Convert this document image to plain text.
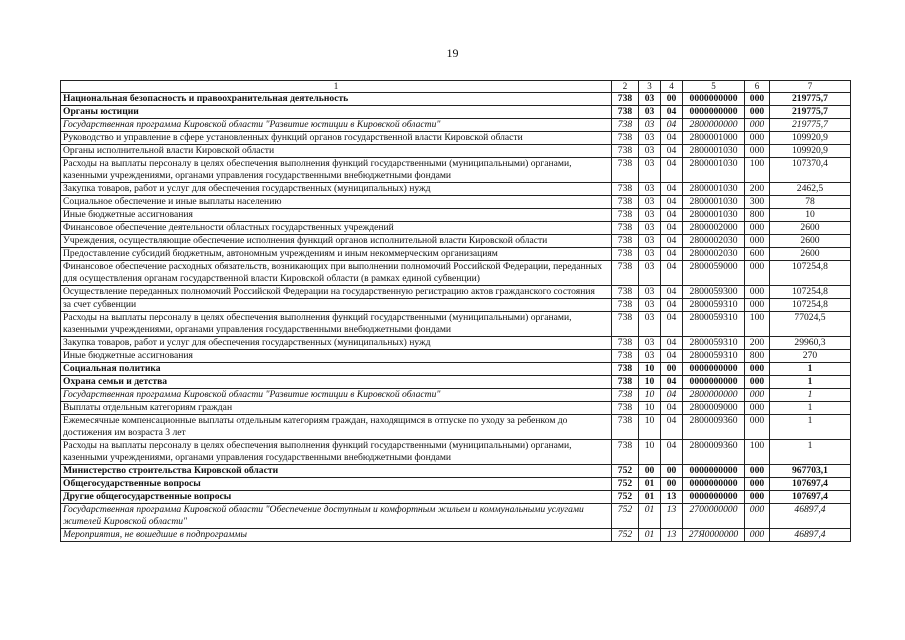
19
1	2	3	4	5	6	7
Национальная безопасность и правоохранительная деятельность	738	03	00	0000000000	000	219775,7
Органы юстиции	738	03	04	0000000000	000	219775,7
Государственная программа Кировской области "Развитие юстиции в Кировской области"	738	03	04	2800000000	000	219775,7
Руководство и управление в сфере установленных функций органов государственной власти Кировской области	738	03	04	2800001000	000	109920,9
Органы исполнительной власти Кировской области	738	03	04	2800001030	000	109920,9
Расходы на выплаты персоналу в целях обеспечения выполнения функций государственными (муниципальными) органами, казенными учреждениями, органами управления государственными внебюджетными фондами	738	03	04	2800001030	100	107370,4
Закупка товаров, работ и услуг для обеспечения государственных (муниципальных) нужд	738	03	04	2800001030	200	2462,5
Социальное обеспечение и иные выплаты населению	738	03	04	2800001030	300	78
Иные бюджетные ассигнования	738	03	04	2800001030	800	10
Финансовое обеспечение деятельности областных государственных учреждений	738	03	04	2800002000	000	2600
Учреждения, осуществляющие обеспечение исполнения функций органов исполнительной власти Кировской области	738	03	04	2800002030	000	2600
Предоставление субсидий бюджетным, автономным учреждениям и иным некоммерческим организациям	738	03	04	2800002030	600	2600
Финансовое обеспечение расходных обязательств, возникающих при выполнении полномочий Российской Федерации, переданных для осуществления органам государственной власти Кировской области (в рамках единой субвенции)	738	03	04	2800059000	000	107254,8
Осуществление переданных полномочий Российской Федерации на государственную регистрацию актов гражданского состояния	738	03	04	2800059300	000	107254,8
за счет субвенции	738	03	04	2800059310	000	107254,8
Расходы на выплаты персоналу в целях обеспечения выполнения функций государственными (муниципальными) органами, казенными учреждениями, органами управления государственными внебюджетными фондами	738	03	04	2800059310	100	77024,5
Закупка товаров, работ и услуг для обеспечения государственных (муниципальных) нужд	738	03	04	2800059310	200	29960,3
Иные бюджетные ассигнования	738	03	04	2800059310	800	270
Социальная политика	738	10	00	0000000000	000	1
Охрана семьи и детства	738	10	04	0000000000	000	1
Государственная программа Кировской области "Развитие юстиции в Кировской области"	738	10	04	2800000000	000	1
Выплаты отдельным категориям граждан	738	10	04	2800009000	000	1
Ежемесячные компенсационные выплаты отдельным категориям граждан, находящимся в отпуске по уходу за ребенком до достижения им возраста 3 лет	738	10	04	2800009360	000	1
Расходы на выплаты персоналу в целях обеспечения выполнения функций государственными (муниципальными) органами, казенными учреждениями, органами управления государственными внебюджетными фондами	738	10	04	2800009360	100	1
Министерство строительства Кировской области	752	00	00	0000000000	000	967703,1
Общегосударственные вопросы	752	01	00	0000000000	000	107697,4
Другие общегосударственные вопросы	752	01	13	0000000000	000	107697,4
Государственная программа Кировской области "Обеспечение доступным и комфортным жильем и коммунальными услугами жителей Кировской области"	752	01	13	2700000000	000	46897,4
Мероприятия, не вошедшие в подпрограммы	752	01	13	27Я0000000	000	46897,4
